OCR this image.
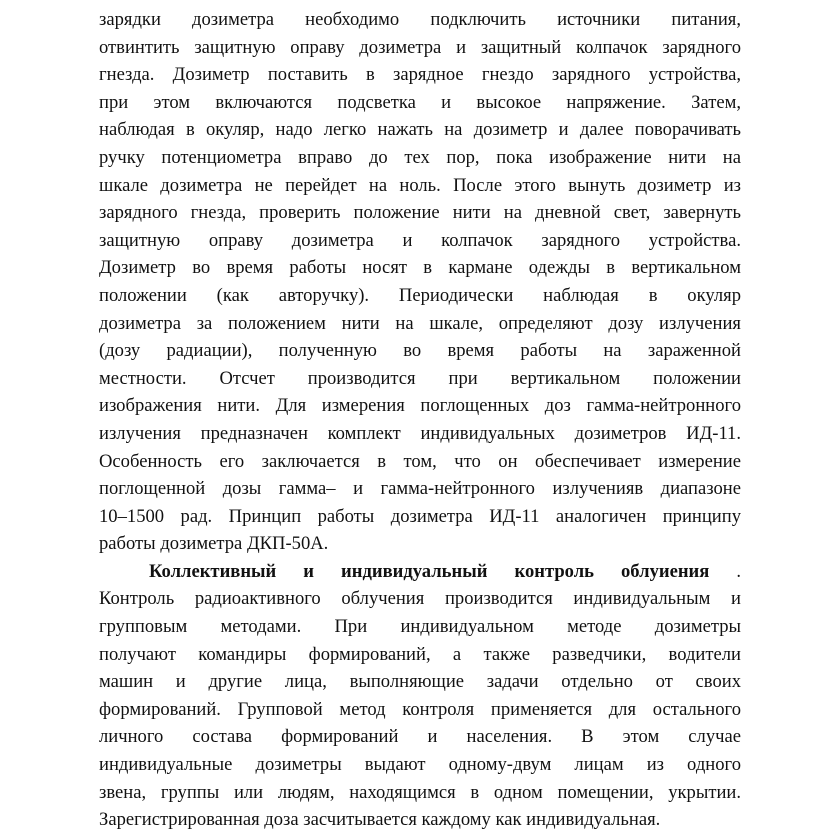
зарядки дозиметра необходимо подключить источники питания,
отвинтить защитную оправу дозиметра и защитный колпачок зарядного
гнезда. Дозиметр поставить в зарядное гнездо зарядного устройства,
при этом включаются подсветка и высокое напряжение. Затем,
наблюдая в окуляр, надо легко нажать на дозиметр и далее поворачивать
ручку потенциометра вправо до тех пор, пока изображение нити на
шкале дозиметра не перейдет на ноль. После этого вынуть дозиметр из
зарядного гнезда, проверить положение нити на дневной свет, завернуть
защитную оправу дозиметра и колпачок зарядного устройства.
Дозиметр во время работы носят в кармане одежды в вертикальном
положении (как авторучку). Периодически наблюдая в окуляр
дозиметра за положением нити на шкале, определяют дозу излучения
(дозу радиации), полученную во время работы на зараженной
местности. Отсчет производится при вертикальном положении
изображения нити. Для измерения поглощенных доз гамма-нейтронного
излучения предназначен комплект индивидуальных дозиметров ИД-11.
Особенность его заключается в том, что он обеспечивает измерение
поглощенной дозы гамма– и гамма-нейтронного излученияв диапазоне
10–1500 рад. Принцип работы дозиметра ИД-11 аналогичен принципу
работы дозиметра ДКП-50А.
Коллективный и индивидуальный контроль облуиения .
Контроль радиоактивного облучения производится индивидуальным и
групповым методами. При индивидуальном методе дозиметры
получают командиры формирований, а также разведчики, водители
машин и другие лица, выполняющие задачи отдельно от своих
формирований. Групповой метод контроля применяется для остального
личного состава формирований и населения. В этом случае
индивидуальные дозиметры выдают одному-двум лицам из одного
звена, группы или людям, находящимся в одном помещении, укрытии.
Зарегистрированная доза засчитывается каждому как индивидуальная.
